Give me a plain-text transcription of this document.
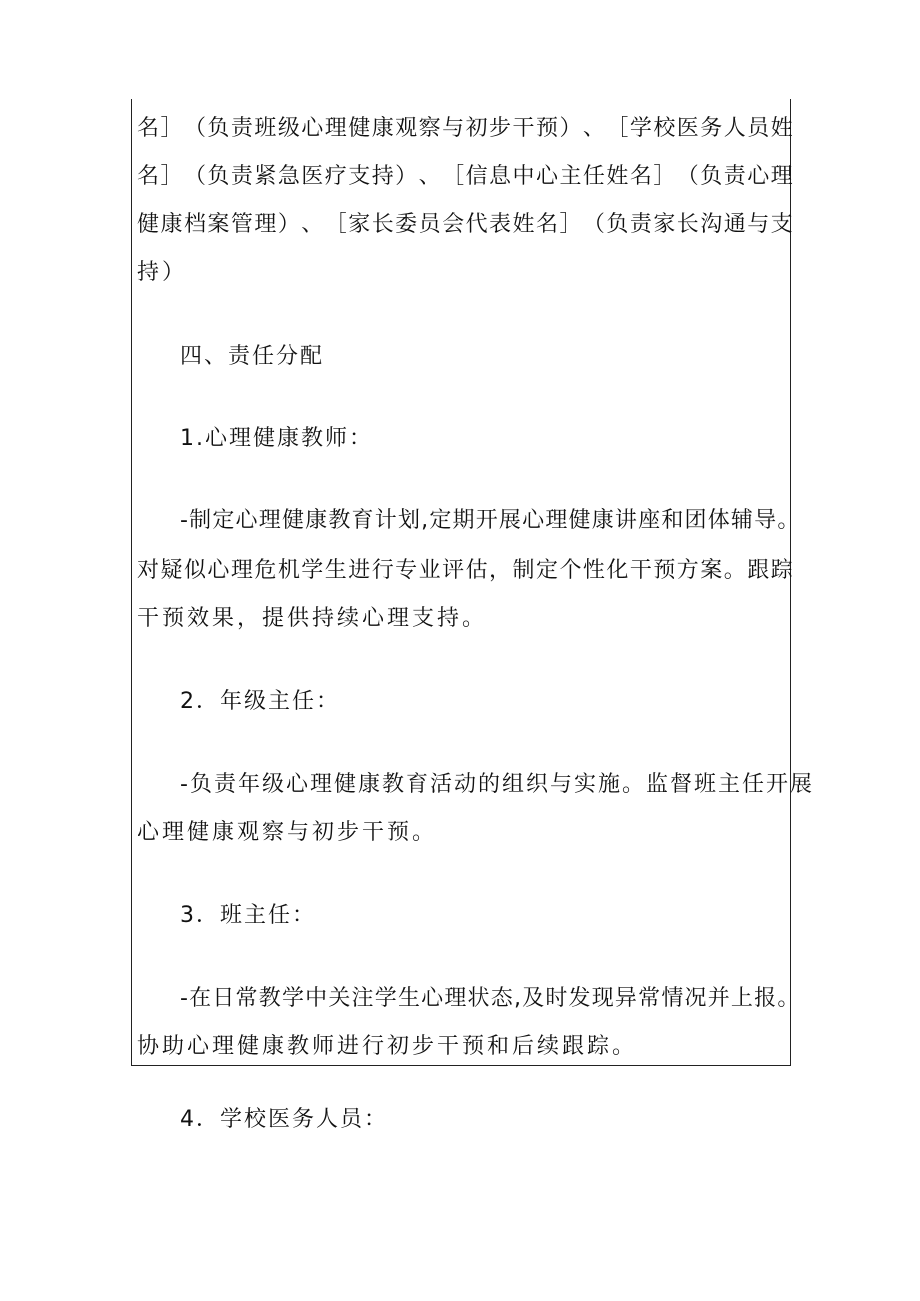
名 ］ （ 负 责 班 级 心 理 健 康 观 察 与 初 步 干 预 ） 、 ［ 学 校 医 务 人 员 姓
名 ］ （ 负 责 紧 急 医 疗 支 持 ） 、 ［ 信 息 中 心 主 任 姓 名 ］ （ 负 责 心 理
健 康 档 案 管 理 ） 、 ［ 家 长 委 员 会 代 表 姓 名 ］ （ 负 责 家 长 沟 通 与 支
持）
四、责任分配
1.心理健康教师：
-制定心理健康教育计划,定期开展心理健康讲座和团体辅导。
对 疑 似 心 理 危 机 学 生 进 行 专 业 评 估 ， 制 定 个 性 化 干 预 方 案 。 跟 踪
干预效果，提供持续心理支持。
2．年级主任：
-负责年级心理健康教育活动的组织与实施。监督班主任开展
心理健康观察与初步干预。
3．班主任：
-在日常教学中关注学生心理状态,及时发现异常情况并上报。
协助心理健康教师进行初步干预和后续跟踪。
4．学校医务人员：
